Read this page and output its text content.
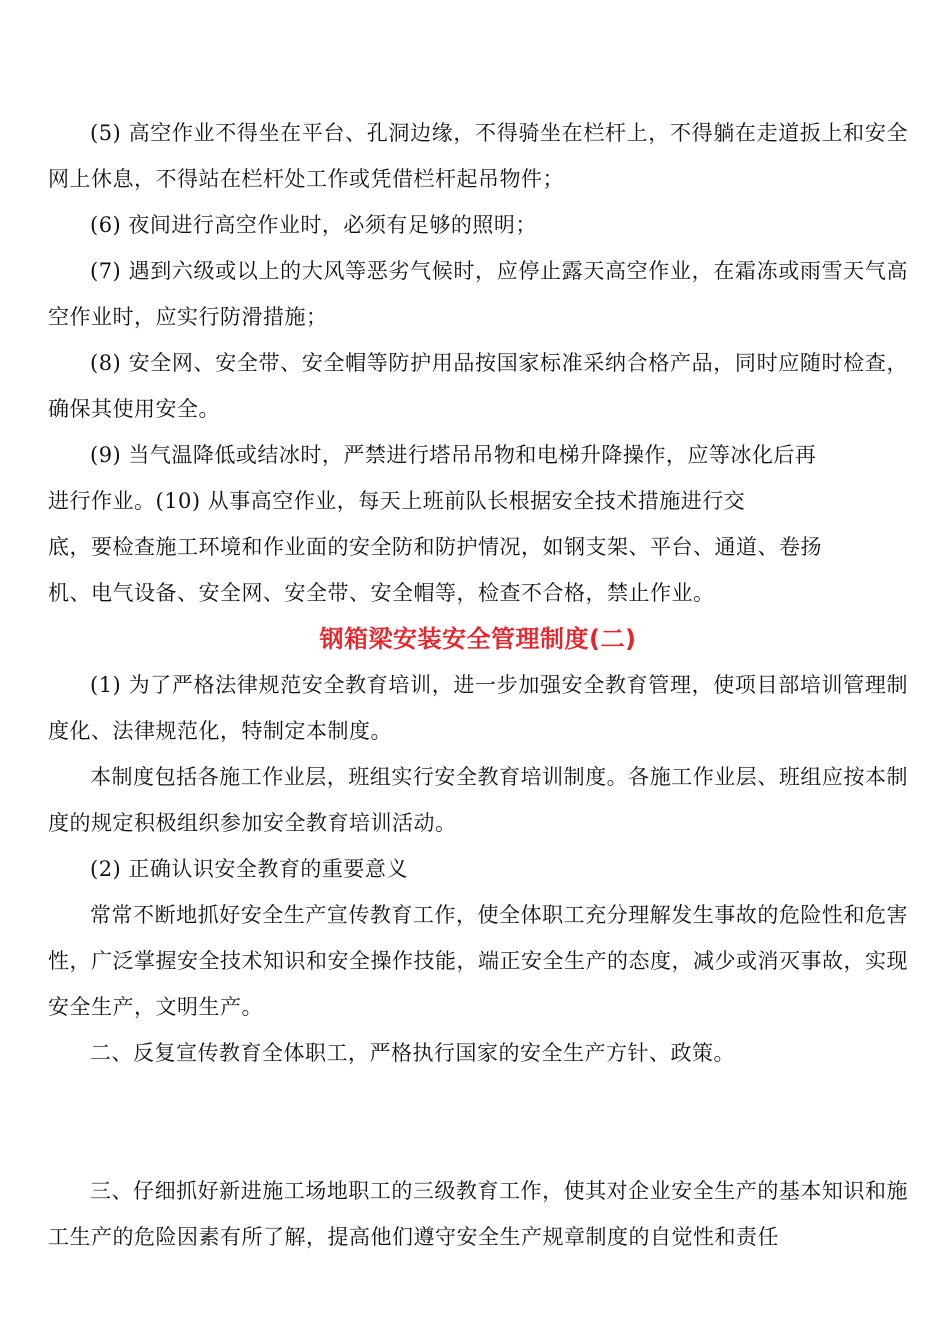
(5) 高空作业不得坐在平台、孔洞边缘，不得骑坐在栏杆上，不得躺在走道扳上和安全网上休息，不得站在栏杆处工作或凭借栏杆起吊物件；

(6) 夜间进行高空作业时，必须有足够的照明；

(7) 遇到六级或以上的大风等恶劣气候时，应停止露天高空作业，在霜冻或雨雪天气高空作业时，应实行防滑措施；

(8) 安全网、安全带、安全帽等防护用品按国家标准采纳合格产品，同时应随时检查，确保其使用安全。

(9) 当气温降低或结冰时，严禁进行塔吊吊物和电梯升降操作，应等冰化后再
进行作业。(10) 从事高空作业，每天上班前队长根据安全技术措施进行交
底，要检查施工环境和作业面的安全防和防护情况，如钢支架、平台、通道、卷扬
机、电气设备、安全网、安全带、安全帽等，检查不合格，禁止作业。
钢箱梁安装安全管理制度(二)

(1) 为了严格法律规范安全教育培训，进一步加强安全教育管理，使项目部培训管理制度化、法律规范化，特制定本制度。

本制度包括各施工作业层，班组实行安全教育培训制度。各施工作业层、班组应按本制度的规定积极组织参加安全教育培训活动。

(2) 正确认识安全教育的重要意义

常常不断地抓好安全生产宣传教育工作，使全体职工充分理解发生事故的危险性和危害性，广泛掌握安全技术知识和安全操作技能，端正安全生产的态度，减少或消灭事故，实现安全生产，文明生产。

二、反复宣传教育全体职工，严格执行国家的安全生产方针、政策。

三、仔细抓好新进施工场地职工的三级教育工作，使其对企业安全生产的基本知识和施工生产的危险因素有所了解，提高他们遵守安全生产规章制度的自觉性和责任
